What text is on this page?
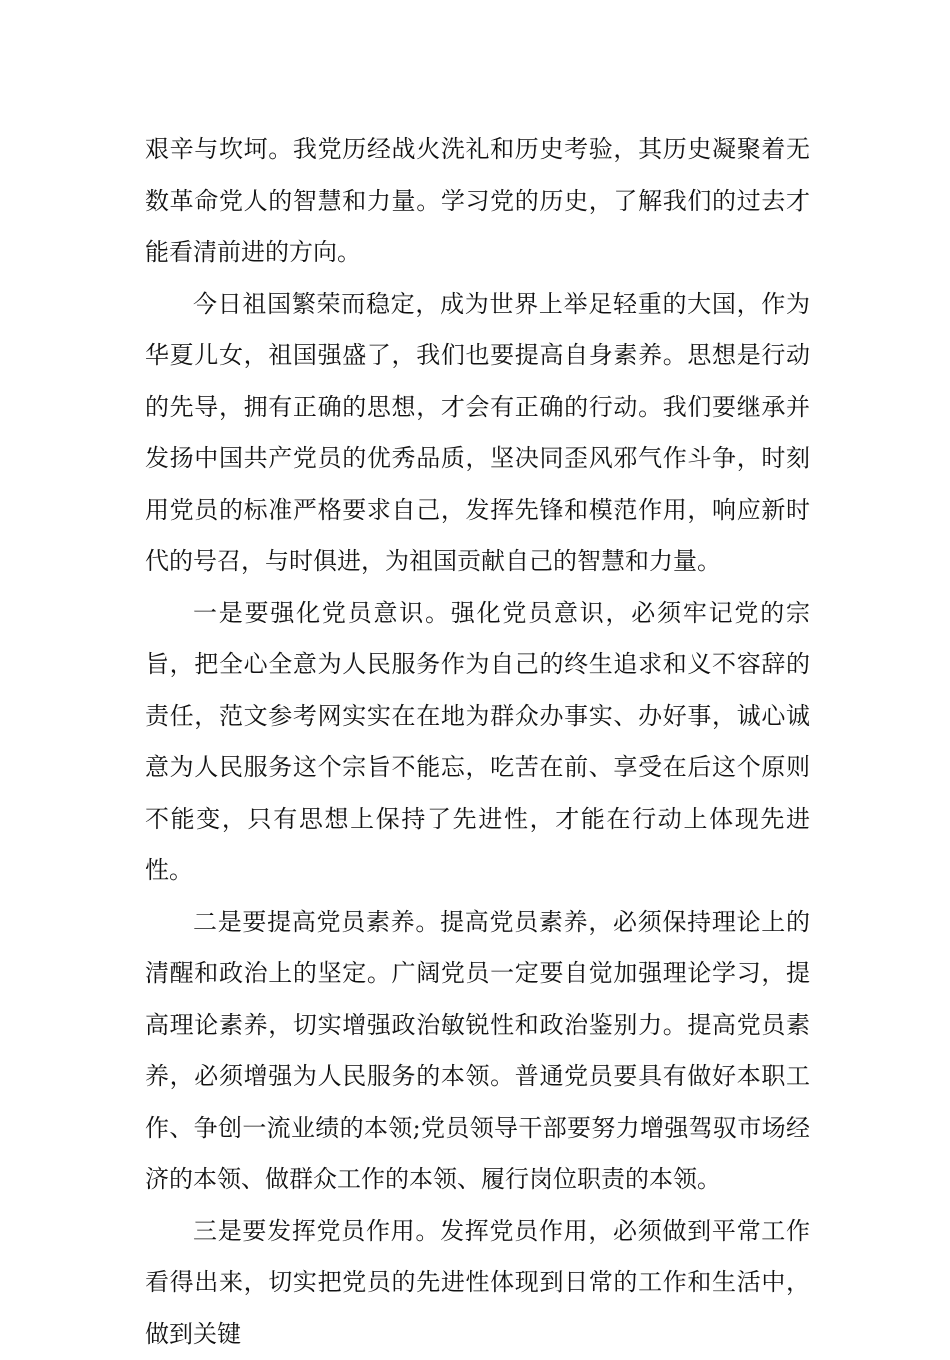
艰辛与坎坷。我党历经战火洗礼和历史考验，其历史凝聚着无数革命党人的智慧和力量。学习党的历史，了解我们的过去才能看清前进的方向。

今日祖国繁荣而稳定，成为世界上举足轻重的大国，作为华夏儿女，祖国强盛了，我们也要提高自身素养。思想是行动的先导，拥有正确的思想，才会有正确的行动。我们要继承并发扬中国共产党员的优秀品质，坚决同歪风邪气作斗争，时刻用党员的标准严格要求自己，发挥先锋和模范作用，响应新时代的号召，与时俱进，为祖国贡献自己的智慧和力量。

一是要强化党员意识。强化党员意识，必须牢记党的宗旨，把全心全意为人民服务作为自己的终生追求和义不容辞的责任，范文参考网实实在在地为群众办事实、办好事，诚心诚意为人民服务这个宗旨不能忘，吃苦在前、享受在后这个原则不能变，只有思想上保持了先进性，才能在行动上体现先进性。

二是要提高党员素养。提高党员素养，必须保持理论上的清醒和政治上的坚定。广阔党员一定要自觉加强理论学习，提高理论素养，切实增强政治敏锐性和政治鉴别力。提高党员素养，必须增强为人民服务的本领。普通党员要具有做好本职工作、争创一流业绩的本领;党员领导干部要努力增强驾驭市场经济的本领、做群众工作的本领、履行岗位职责的本领。

三是要发挥党员作用。发挥党员作用，必须做到平常工作看得出来，切实把党员的先进性体现到日常的工作和生活中，做到关键
